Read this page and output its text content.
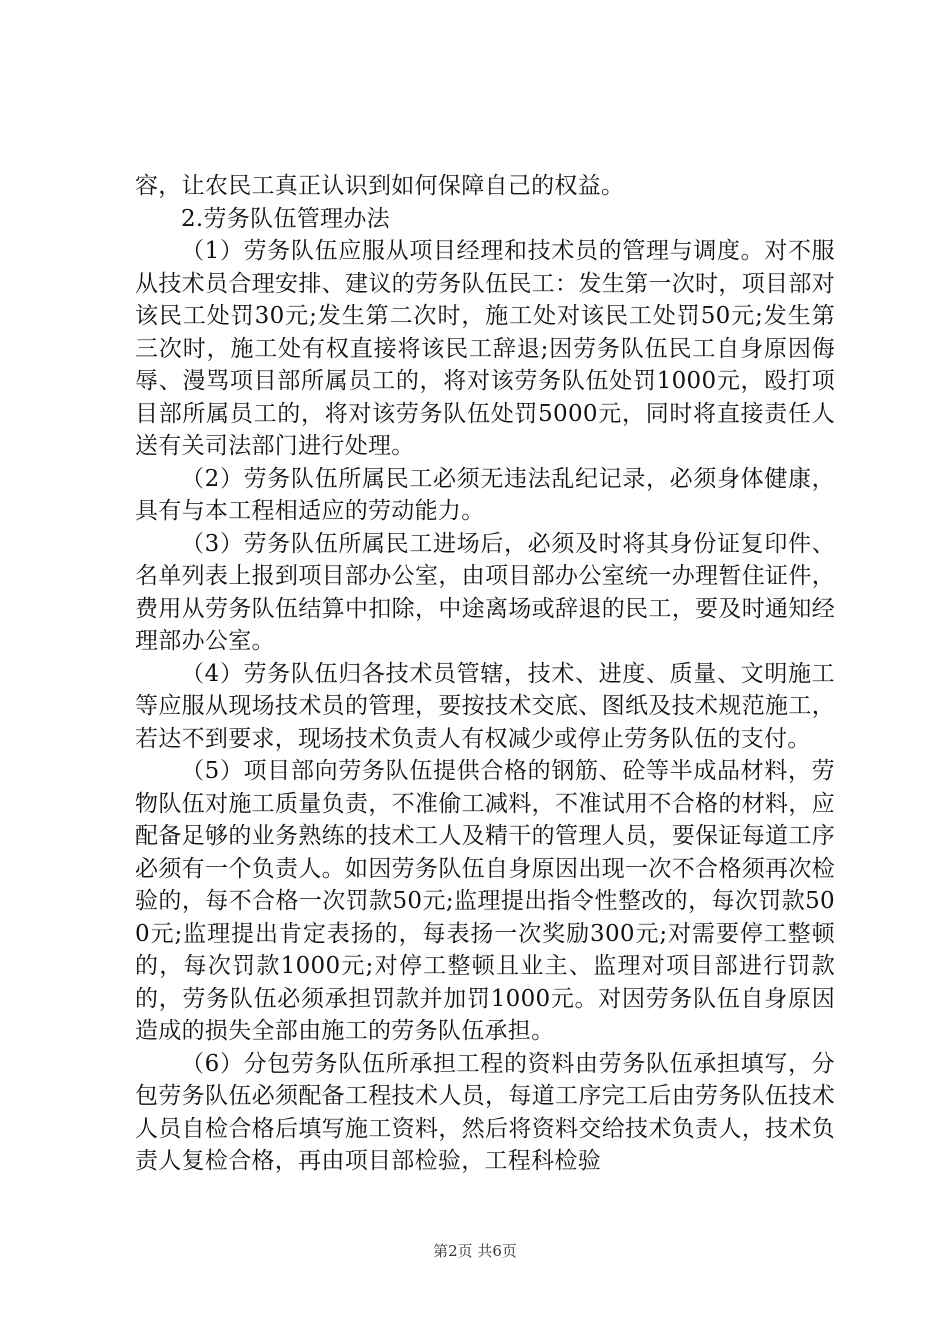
容，让农民工真正认识到如何保障自己的权益。

2.劳务队伍管理办法

（1）劳务队伍应服从项目经理和技术员的管理与调度。对不服从技术员合理安排、建议的劳务队伍民工：发生第一次时，项目部对该民工处罚30元;发生第二次时，施工处对该民工处罚50元;发生第三次时，施工处有权直接将该民工辞退;因劳务队伍民工自身原因侮辱、漫骂项目部所属员工的，将对该劳务队伍处罚1000元，殴打项目部所属员工的，将对该劳务队伍处罚5000元，同时将直接责任人送有关司法部门进行处理。

（2）劳务队伍所属民工必须无违法乱纪记录，必须身体健康，具有与本工程相适应的劳动能力。

（3）劳务队伍所属民工进场后，必须及时将其身份证复印件、名单列表上报到项目部办公室，由项目部办公室统一办理暂住证件，费用从劳务队伍结算中扣除，中途离场或辞退的民工，要及时通知经理部办公室。

（4）劳务队伍归各技术员管辖，技术、进度、质量、文明施工等应服从现场技术员的管理，要按技术交底、图纸及技术规范施工，若达不到要求，现场技术负责人有权减少或停止劳务队伍的支付。

（5）项目部向劳务队伍提供合格的钢筋、砼等半成品材料，劳物队伍对施工质量负责，不准偷工减料，不准试用不合格的材料，应配备足够的业务熟练的技术工人及精干的管理人员，要保证每道工序必须有一个负责人。如因劳务队伍自身原因出现一次不合格须再次检验的，每不合格一次罚款50元;监理提出指令性整改的，每次罚款500元;监理提出肯定表扬的，每表扬一次奖励300元;对需要停工整顿的，每次罚款1000元;对停工整顿且业主、监理对项目部进行罚款的，劳务队伍必须承担罚款并加罚1000元。对因劳务队伍自身原因造成的损失全部由施工的劳务队伍承担。

（6）分包劳务队伍所承担工程的资料由劳务队伍承担填写，分包劳务队伍必须配备工程技术人员，每道工序完工后由劳务队伍技术人员自检合格后填写施工资料，然后将资料交给技术负责人，技术负责人复检合格，再由项目部检验，工程科检验

第2页 共6页
